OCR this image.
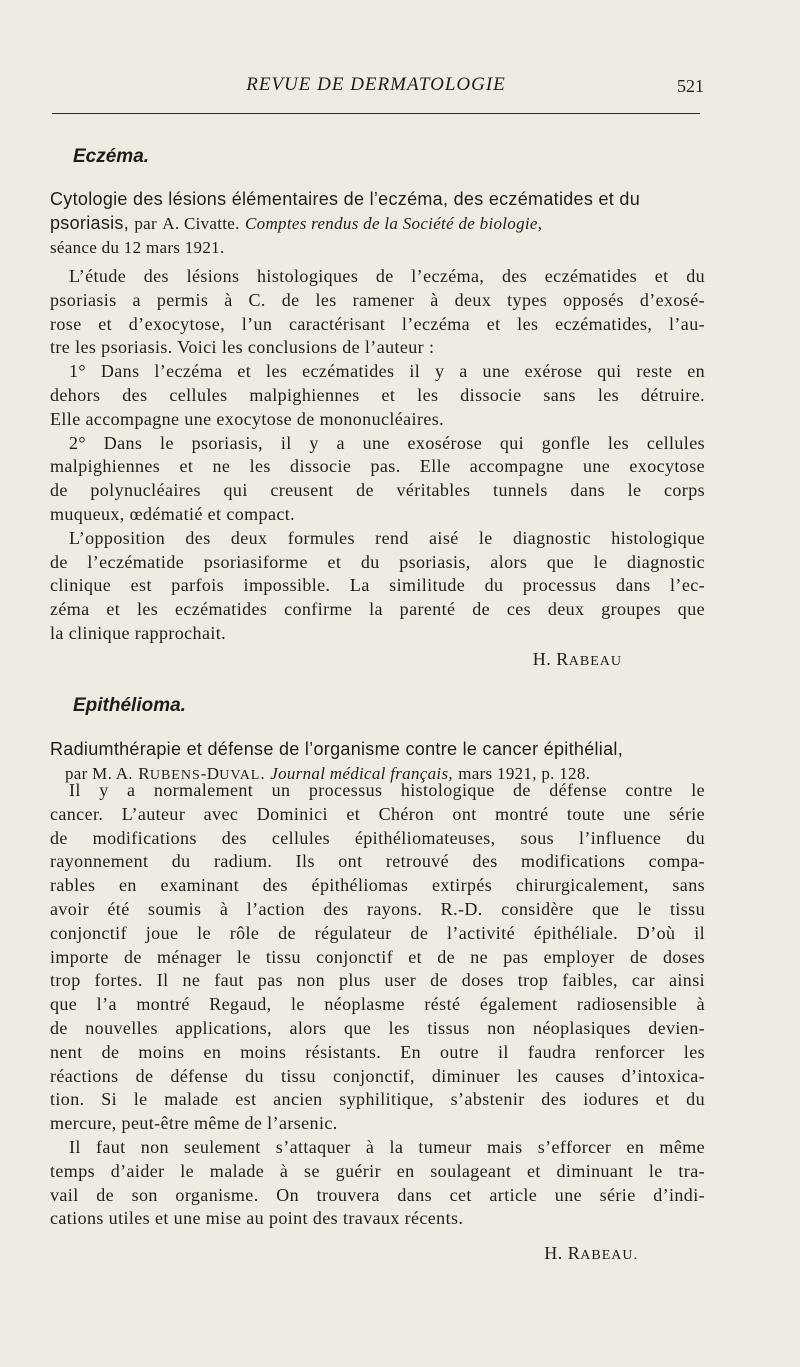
REVUE DE DERMATOLOGIE	521
Eczéma.
Cytologie des lésions élémentaires de l’eczéma, des eczématides et du
psoriasis, par A. Civatte. Comptes rendus de la Société de biologie,
séance du 12 mars 1921.
L’étude des lésions histologiques de l’eczéma, des eczématides et du
psoriasis a permis à C. de les ramener à deux types opposés d’exosé-
rose et d’exocytose, l’un caractérisant l’eczéma et les eczématides, l’au-
tre les psoriasis. Voici les conclusions de l’auteur :
1° Dans l’eczéma et les eczématides il y a une exérose qui reste en
dehors des cellules malpighiennes et les dissocie sans les détruire.
Elle accompagne une exocytose de mononucléaires.
2° Dans le psoriasis, il y a une exosérose qui gonfle les cellules
malpighiennes et ne les dissocie pas. Elle accompagne une exocytose
de polynucléaires qui creusent de véritables tunnels dans le corps
muqueux, œdématié et compact.
L’opposition des deux formules rend aisé le diagnostic histologique
de l’eczématide psoriasiforme et du psoriasis, alors que le diagnostic
clinique est parfois impossible. La similitude du processus dans l’ec-
zéma et les eczématides confirme la parenté de ces deux groupes que
la clinique rapprochait.
H. RABEAU
Epithélioma.
Radiumthérapie et défense de l’organisme contre le cancer épithélial,
par M. A. RUBENS-DUVAL. Journal médical français, mars 1921, p. 128.
Il y a normalement un processus histologique de défense contre le
cancer. L’auteur avec Dominici et Chéron ont montré toute une série
de modifications des cellules épithéliomateuses, sous l’influence du
rayonnement du radium. Ils ont retrouvé des modifications compa-
rables en examinant des épithéliomas extirpés chirurgicalement, sans
avoir été soumis à l’action des rayons. R.-D. considère que le tissu
conjonctif joue le rôle de régulateur de l’activité épithéliale. D’où il
importe de ménager le tissu conjonctif et de ne pas employer de doses
trop fortes. Il ne faut pas non plus user de doses trop faibles, car ainsi
que l’a montré Regaud, le néoplasme résté également radiosensible à
de nouvelles applications, alors que les tissus non néoplasiques devien-
nent de moins en moins résistants. En outre il faudra renforcer les
réactions de défense du tissu conjonctif, diminuer les causes d’intoxica-
tion. Si le malade est ancien syphilitique, s’abstenir des iodures et du
mercure, peut-être même de l’arsenic.
Il faut non seulement s’attaquer à la tumeur mais s’efforcer en même
temps d’aider le malade à se guérir en soulageant et diminuant le tra-
vail de son organisme. On trouvera dans cet article une série d’indi-
cations utiles et une mise au point des travaux récents.
H. RABEAU.
